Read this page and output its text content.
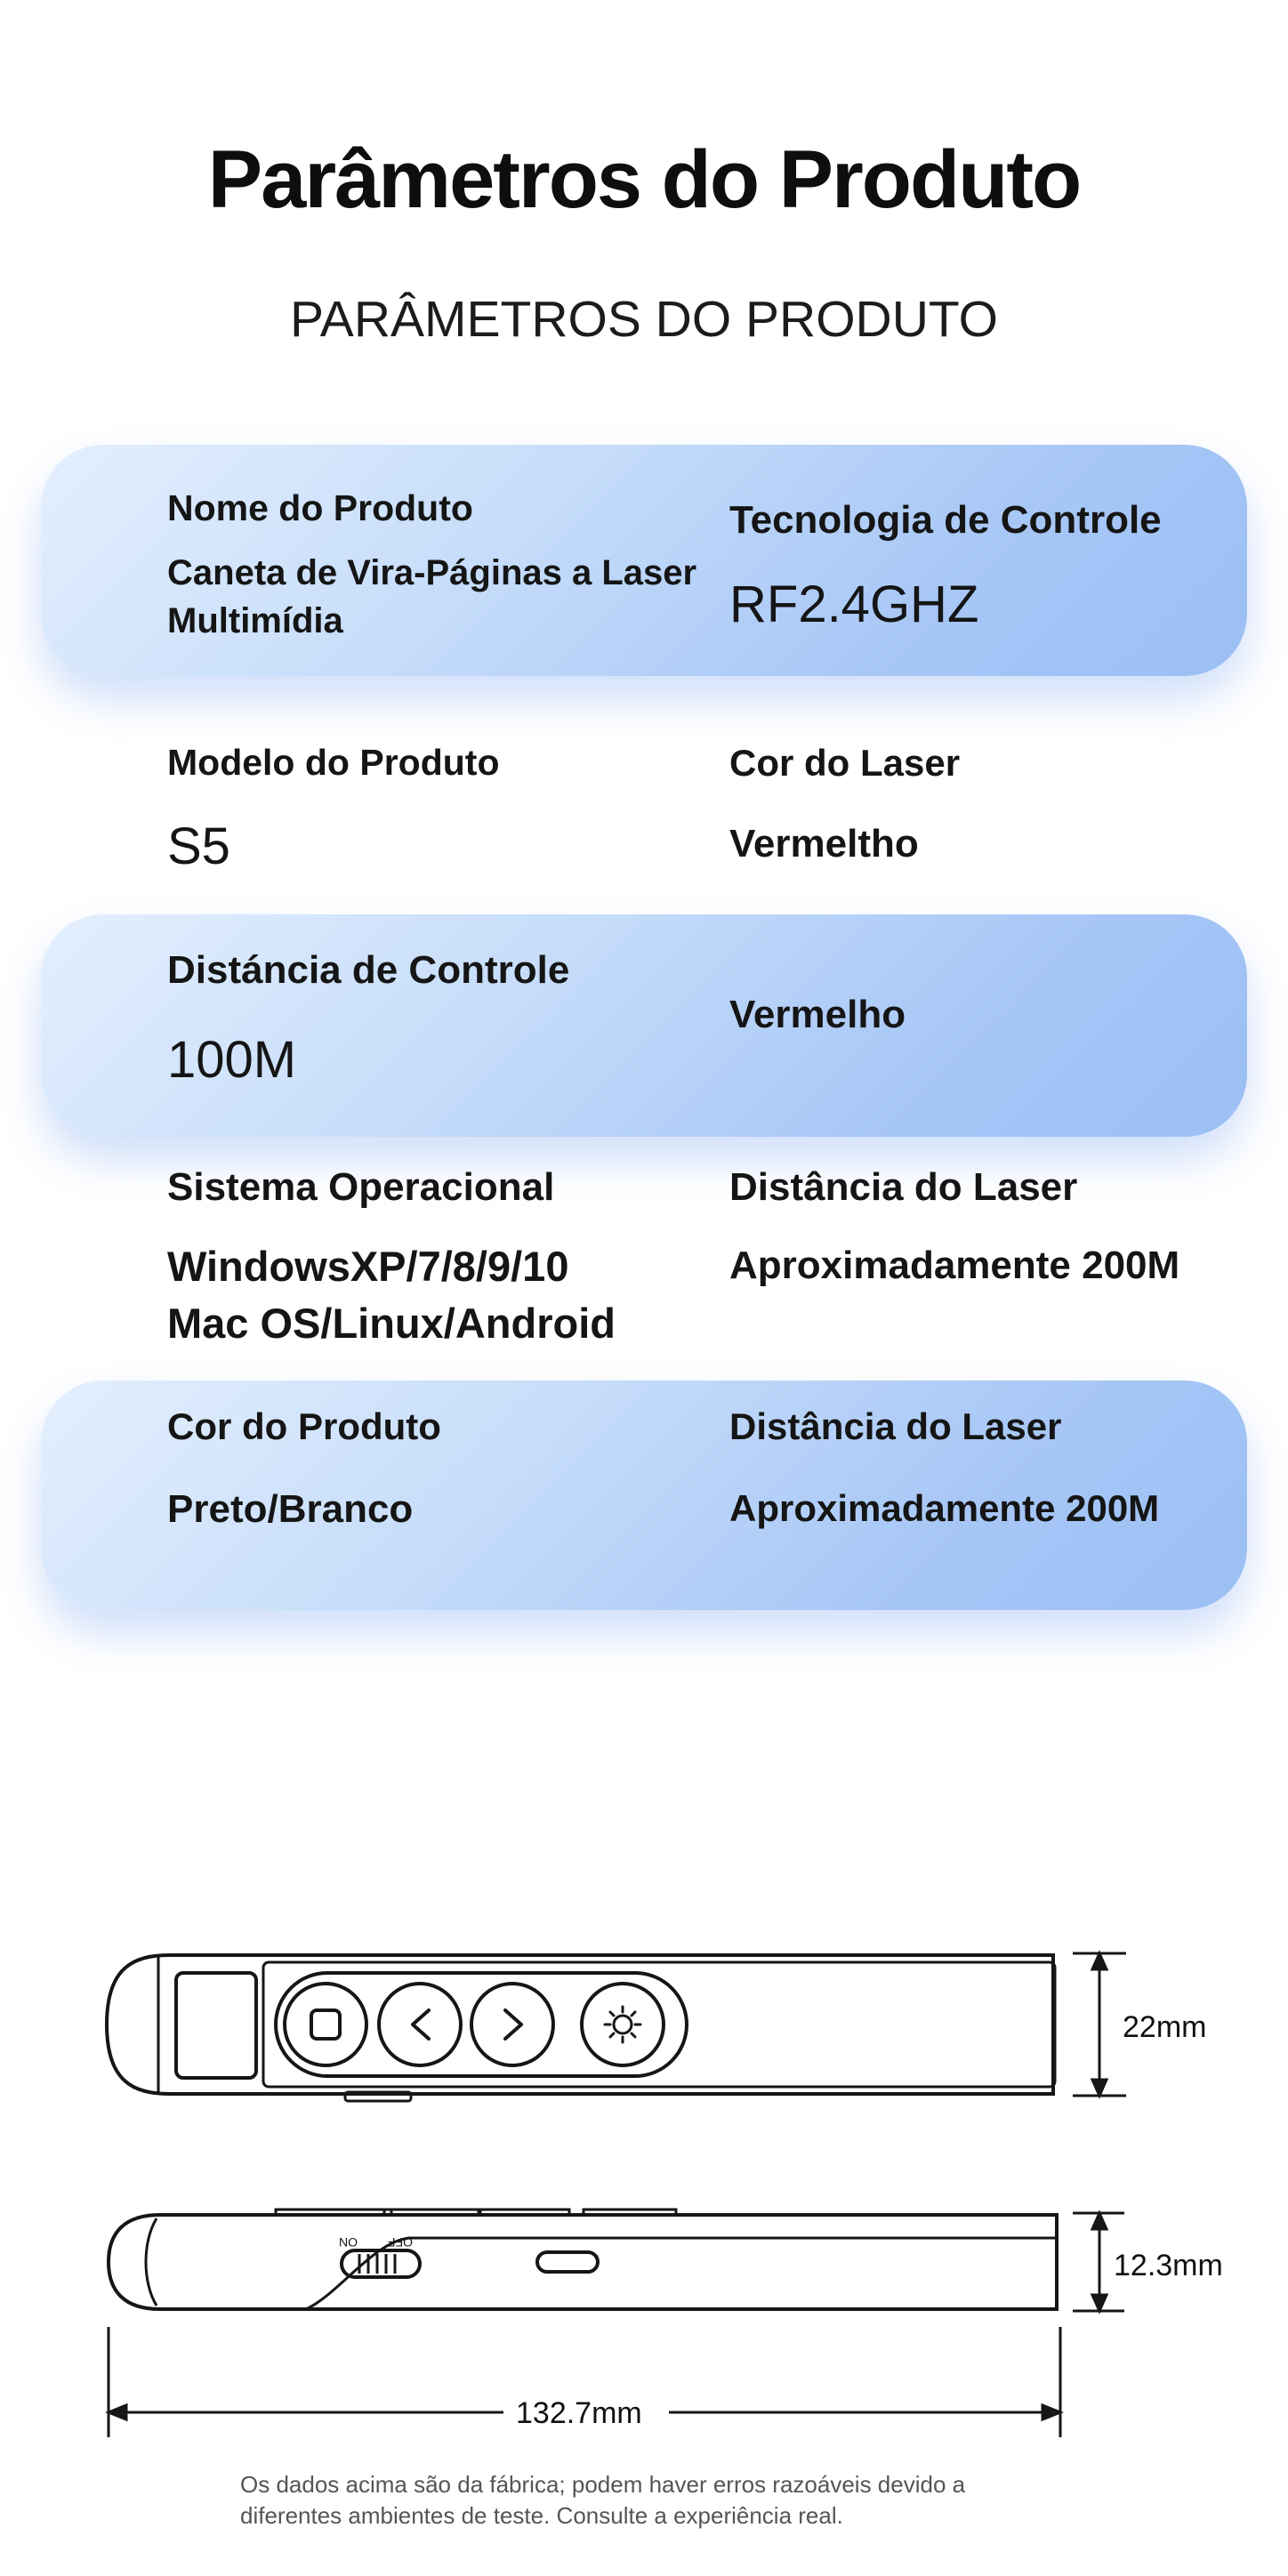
Parâmetros do Produto
PARÂMETROS DO PRODUTO
Nome do Produto
Caneta de Vira-Páginas a Laser
Multimídia
Tecnologia de Controle
RF2.4GHZ
Modelo do Produto
S5
Cor do Laser
Vermeltho
Distáncia de Controle
100M
Vermelho
Sistema Operacional
WindowsXP/7/8/9/10
Mac OS/Linux/Android
Distância do Laser
Aproximadamente 200M
Cor do Produto
Preto/Branco
Distância do Laser
Aproximadamente 200M
22mm
ON OFF
12.3mm
132.7mm
Os dados acima são da fábrica; podem haver erros razoáveis devido a
diferentes ambientes de teste. Consulte a experiência real.
